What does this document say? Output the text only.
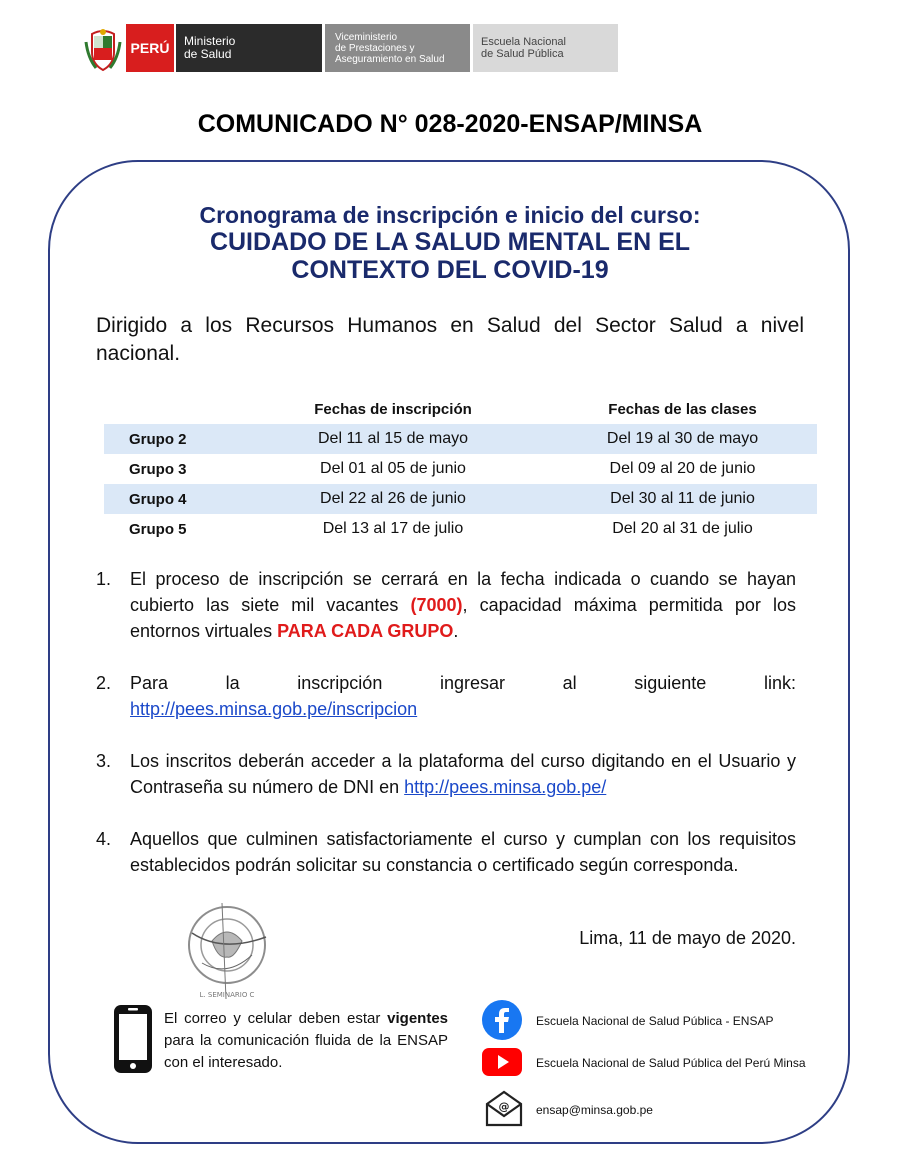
PERÚ	Ministerio
de Salud
Viceministerio
de Prestaciones y
Aseguramiento en Salud
Escuela Nacional
de Salud Pública
COMUNICADO N° 028-2020-ENSAP/MINSA
Cronograma de inscripción e inicio del curso:
CUIDADO DE LA SALUD MENTAL EN EL
CONTEXTO DEL COVID-19
Dirigido a los Recursos Humanos en Salud del Sector Salud a nivel nacional.
	Fechas de inscripción	Fechas de las clases
Grupo 2	Del 11 al 15 de mayo	Del 19 al 30 de mayo
Grupo 3	Del 01 al 05 de junio	Del 09 al 20 de junio
Grupo 4	Del 22 al 26 de junio	Del 30 al 11 de junio
Grupo 5	Del 13 al 17 de julio	Del 20 al 31 de julio
1. El proceso de inscripción se cerrará en la fecha indicada o cuando se hayan cubierto las siete mil vacantes (7000), capacidad máxima permitida por los entornos virtuales PARA CADA GRUPO.
2. Para	la	inscripción	ingresar	al	siguiente	link:
http://pees.minsa.gob.pe/inscripcion
3. Los inscritos deberán acceder a la plataforma del curso digitando en el Usuario y Contraseña su número de DNI en http://pees.minsa.gob.pe/
4. Aquellos que culminen satisfactoriamente el curso y cumplan con los requisitos establecidos podrán solicitar su constancia o certificado según corresponda.
L. SEMINARIO C
Lima, 11 de mayo de 2020.
El correo y celular deben estar vigentes para la comunicación fluida de la ENSAP con el interesado.
Escuela Nacional de Salud Pública - ENSAP
Escuela Nacional de Salud Pública del Perú Minsa
@ ensap@minsa.gob.pe
